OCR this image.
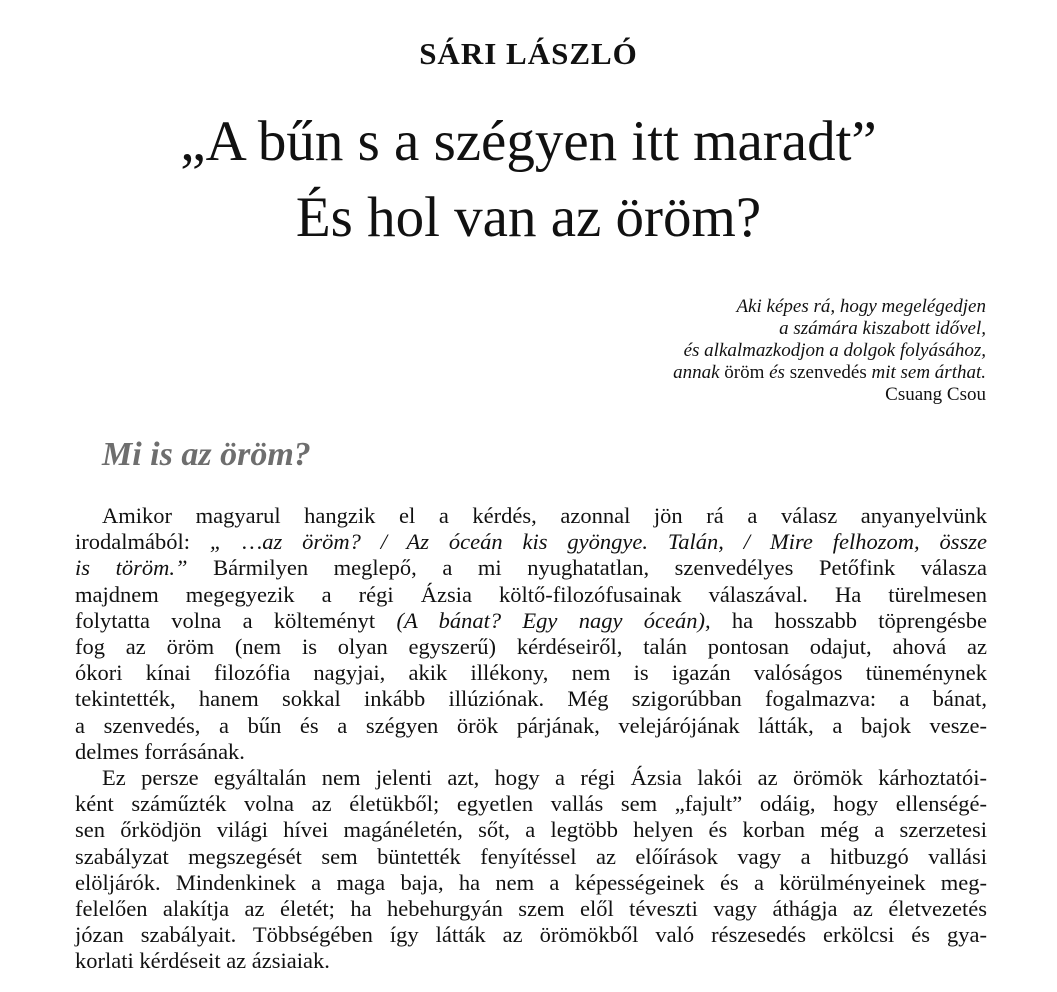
SÁRI LÁSZLÓ
„A bűn s a szégyen itt maradt”
És hol van az öröm?
Aki képes rá, hogy megelégedjen
a számára kiszabott idővel,
és alkalmazkodjon a dolgok folyásához,
annak öröm és szenvedés mit sem árthat.
Csuang Csou
Mi is az öröm?
Amikor magyarul hangzik el a kérdés, azonnal jön rá a válasz anyanyelvünk
irodalmából: „ …az öröm? / Az óceán kis gyöngye. Talán, / Mire felhozom, össze
is töröm.” Bármilyen meglepő, a mi nyughatatlan, szenvedélyes Petőfink válasza
majdnem megegyezik a régi Ázsia költő-filozófusainak válaszával. Ha türelmesen
folytatta volna a költeményt (A bánat? Egy nagy óceán), ha hosszabb töprengésbe
fog az öröm (nem is olyan egyszerű) kérdéseiről, talán pontosan odajut, ahová az
ókori kínai filozófia nagyjai, akik illékony, nem is igazán valóságos tüneménynek
tekintették, hanem sokkal inkább illúziónak. Még szigorúbban fogalmazva: a bánat,
a szenvedés, a bűn és a szégyen örök párjának, velejárójának látták, a bajok vesze-
delmes forrásának.
Ez persze egyáltalán nem jelenti azt, hogy a régi Ázsia lakói az örömök kárhoztatói-
ként száműzték volna az életükből; egyetlen vallás sem „fajult” odáig, hogy ellenségé-
sen őrködjön világi hívei magánéletén, sőt, a legtöbb helyen és korban még a szerzetesi
szabályzat megszegését sem büntették fenyítéssel az előírások vagy a hitbuzgó vallási
elöljárók. Mindenkinek a maga baja, ha nem a képességeinek és a körülményeinek meg-
felelően alakítja az életét; ha hebehurgyán szem elől téveszti vagy áthágja az életvezetés
józan szabályait. Többségében így látták az örömökből való részesedés erkölcsi és gya-
korlati kérdéseit az ázsiaiak.
